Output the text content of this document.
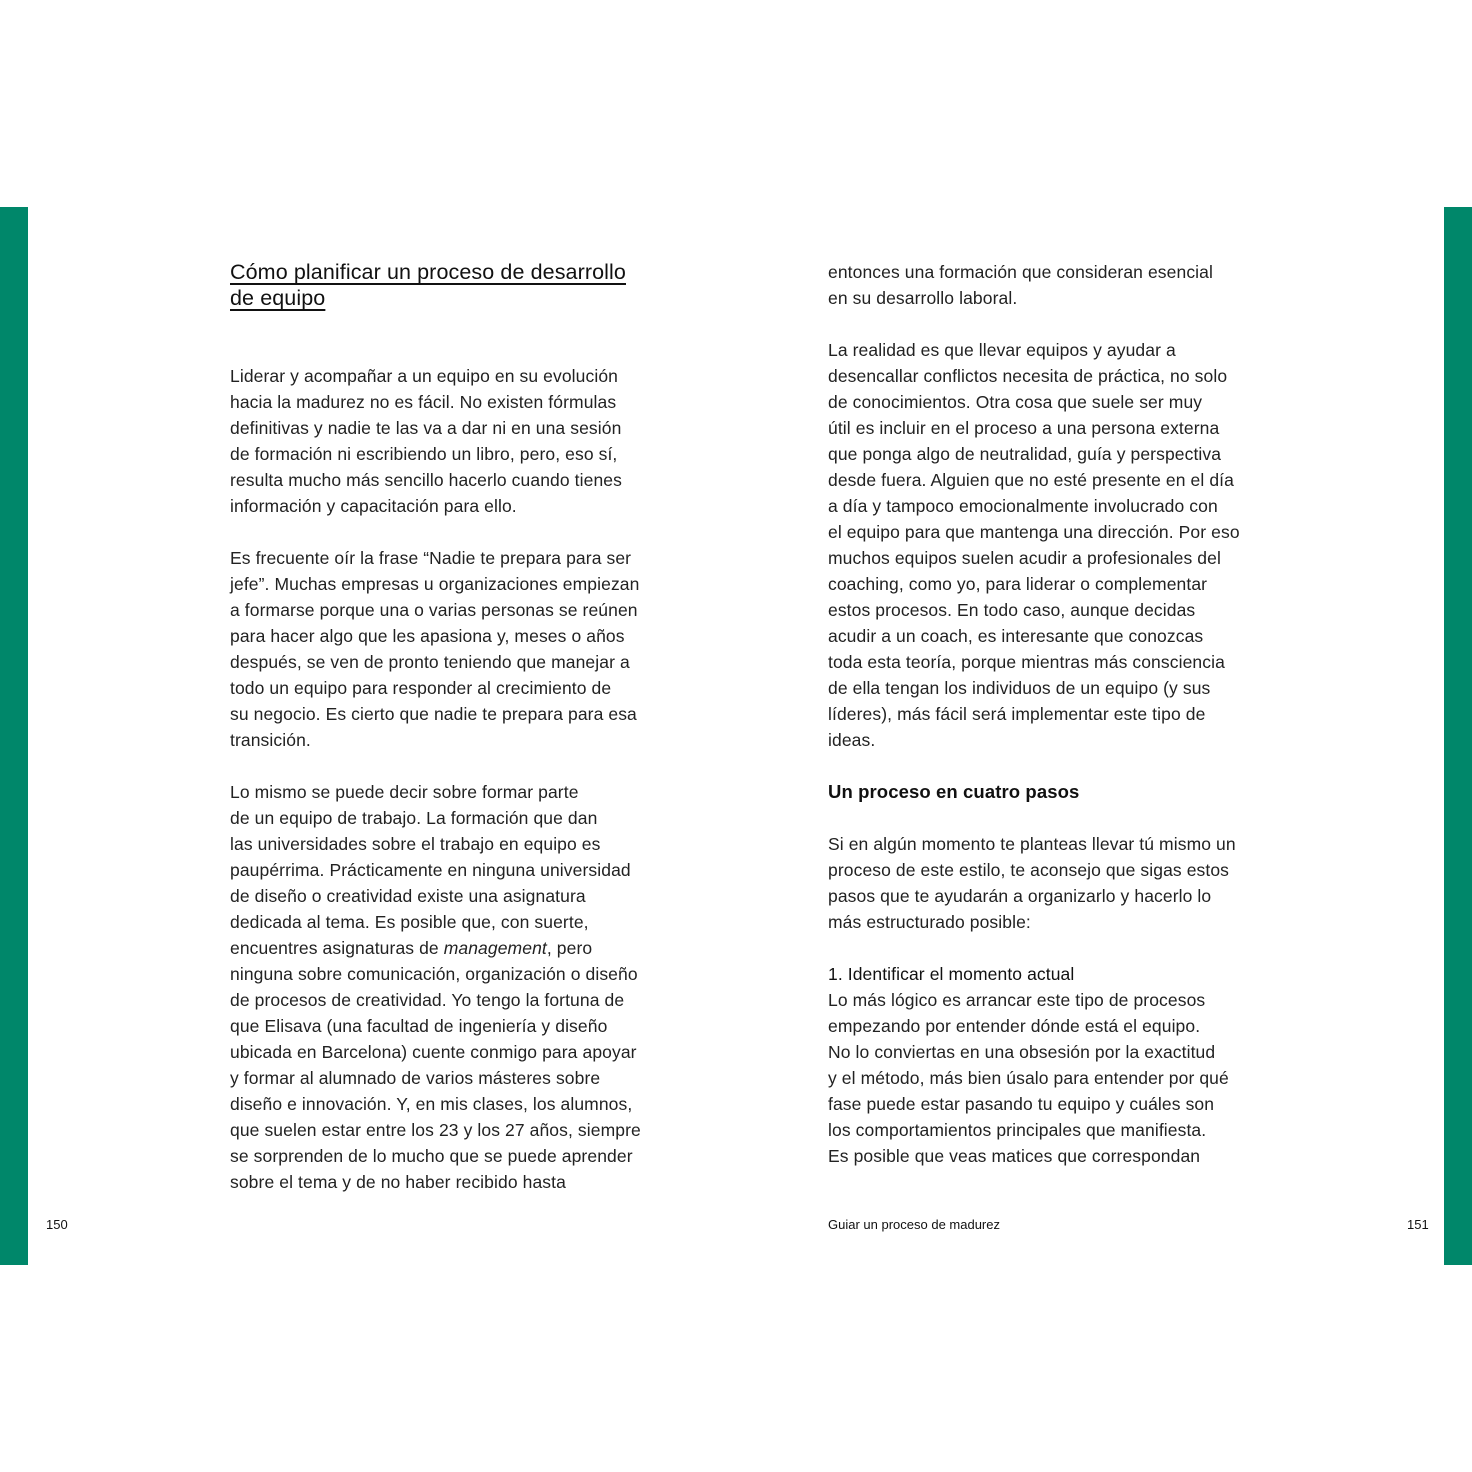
Cómo planificar un proceso de desarrollo
de equipo

Liderar y acompañar a un equipo en su evolución
hacia la madurez no es fácil. No existen fórmulas
definitivas y nadie te las va a dar ni en una sesión
de formación ni escribiendo un libro, pero, eso sí,
resulta mucho más sencillo hacerlo cuando tienes
información y capacitación para ello.

Es frecuente oír la frase “Nadie te prepara para ser
jefe”. Muchas empresas u organizaciones empiezan
a formarse porque una o varias personas se reúnen
para hacer algo que les apasiona y, meses o años
después, se ven de pronto teniendo que manejar a
todo un equipo para responder al crecimiento de
su negocio. Es cierto que nadie te prepara para esa
transición.

Lo mismo se puede decir sobre formar parte
de un equipo de trabajo. La formación que dan
las universidades sobre el trabajo en equipo es
paupérrima. Prácticamente en ninguna universidad
de diseño o creatividad existe una asignatura
dedicada al tema. Es posible que, con suerte,
encuentres asignaturas de management, pero
ninguna sobre comunicación, organización o diseño
de procesos de creatividad. Yo tengo la fortuna de
que Elisava (una facultad de ingeniería y diseño
ubicada en Barcelona) cuente conmigo para apoyar
y formar al alumnado de varios másteres sobre
diseño e innovación. Y, en mis clases, los alumnos,
que suelen estar entre los 23 y los 27 años, siempre
se sorprenden de lo mucho que se puede aprender
sobre el tema y de no haber recibido hasta

150

entonces una formación que consideran esencial
en su desarrollo laboral.

La realidad es que llevar equipos y ayudar a
desencallar conflictos necesita de práctica, no solo
de conocimientos. Otra cosa que suele ser muy
útil es incluir en el proceso a una persona externa
que ponga algo de neutralidad, guía y perspectiva
desde fuera. Alguien que no esté presente en el día
a día y tampoco emocionalmente involucrado con
el equipo para que mantenga una dirección. Por eso
muchos equipos suelen acudir a profesionales del
coaching, como yo, para liderar o complementar
estos procesos. En todo caso, aunque decidas
acudir a un coach, es interesante que conozcas
toda esta teoría, porque mientras más consciencia
de ella tengan los individuos de un equipo (y sus
líderes), más fácil será implementar este tipo de
ideas.

Un proceso en cuatro pasos

Si en algún momento te planteas llevar tú mismo un
proceso de este estilo, te aconsejo que sigas estos
pasos que te ayudarán a organizarlo y hacerlo lo
más estructurado posible:

1. Identificar el momento actual
Lo más lógico es arrancar este tipo de procesos
empezando por entender dónde está el equipo.
No lo conviertas en una obsesión por la exactitud
y el método, más bien úsalo para entender por qué
fase puede estar pasando tu equipo y cuáles son
los comportamientos principales que manifiesta.
Es posible que veas matices que correspondan

Guiar un proceso de madurez	151
